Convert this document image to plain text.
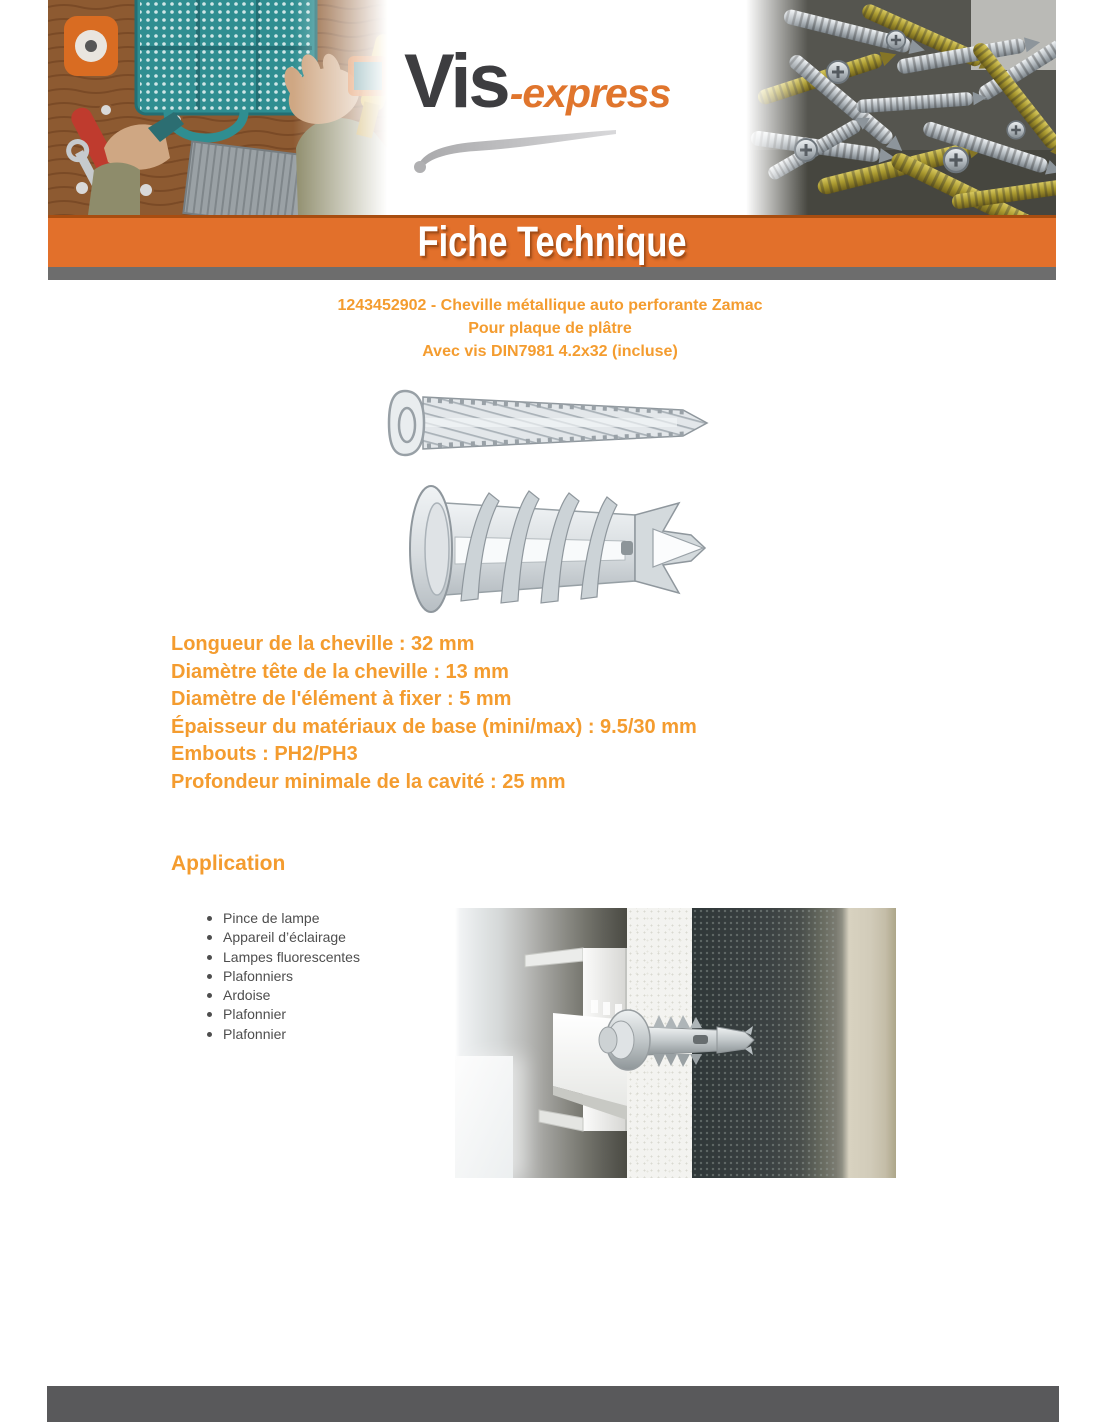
Vis -express
Fiche Technique
1243452902 - Cheville métallique auto perforante Zamac
Pour plaque de plâtre
Avec vis DIN7981 4.2x32 (incluse)
Longueur de la cheville : 32 mm
Diamètre tête de la cheville : 13 mm
Diamètre de l'élément à fixer : 5 mm
Épaisseur du matériaux de base (mini/max) : 9.5/30 mm
Embouts : PH2/PH3
Profondeur minimale de la cavité : 25 mm
Application
Pince de lampe
Appareil d’éclairage
Lampes fluorescentes
Plafonniers
Ardoise
Plafonnier
Plafonnier
